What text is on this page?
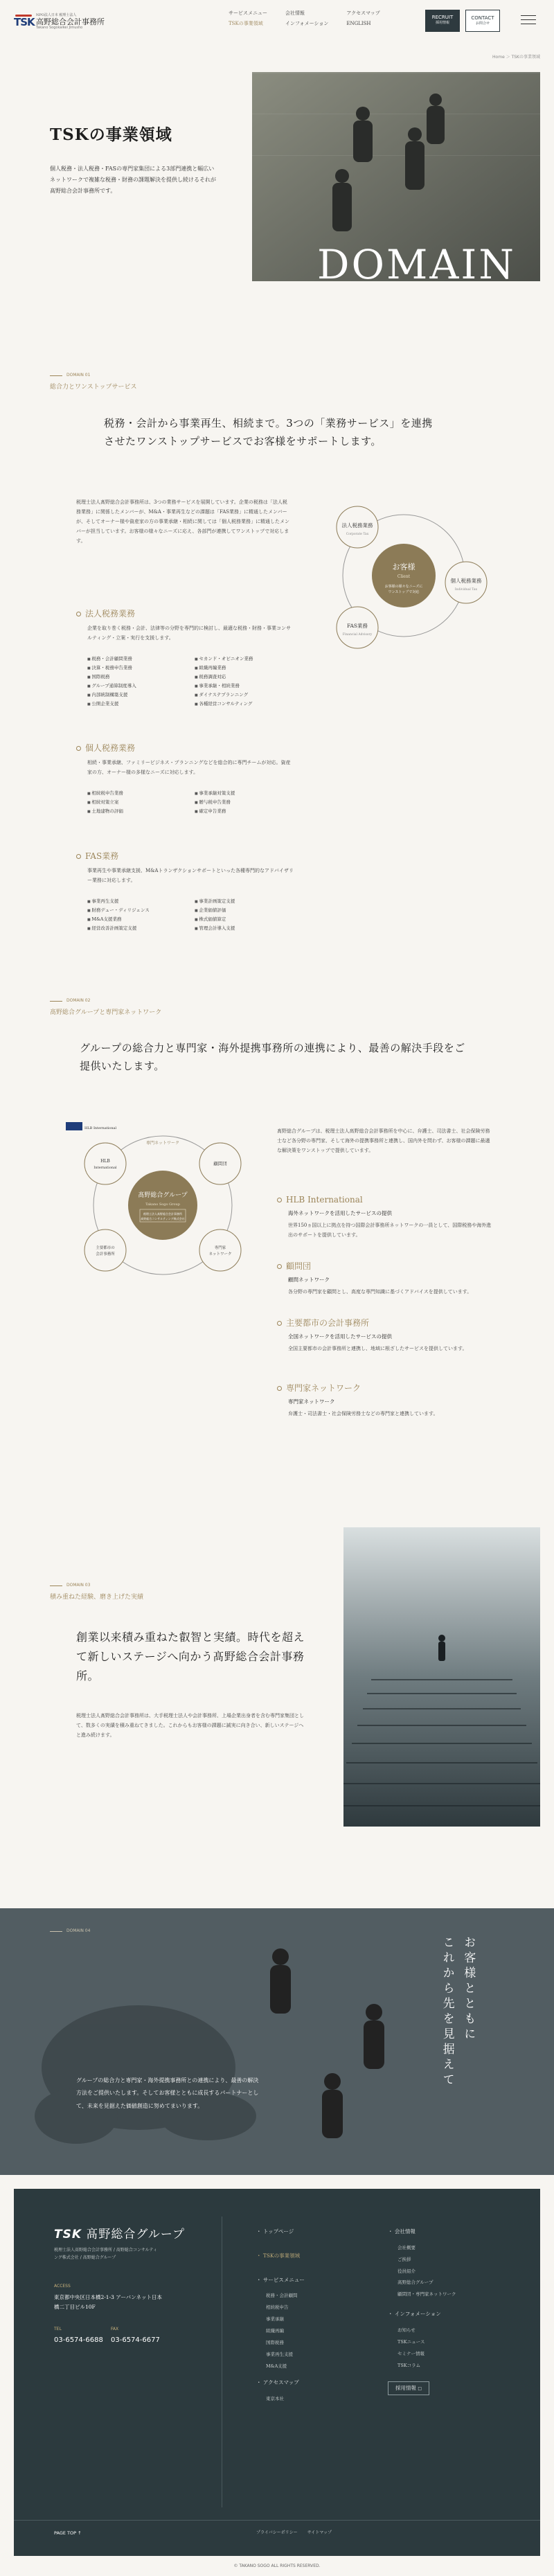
TSK
NPO法人日本 税理士法人
高野総合会計事務所
Takano Sogokaikei Jimusho
サービスメニュー
TSKの事業領域
会社情報
インフォメーション
アクセスマップ
ENGLISH
RECRUIT
採用情報
CONTACT
お問合せ
Home ＞ TSKの事業領域
TSKの事業領域

個人税務・法人税務・FASの専門家集団による3部門連携と幅広いネットワークで複雑な税務・財務の課題解決を提供し続けるそれが髙野総合会計事務所です。

DOMAIN
DOMAIN 01
総合力とワンストップサービス

税務・会計から事業再生、相続まで。3つの「業務サービス」を連携させたワンストップサービスでお客様をサポートします。

税理士法人髙野総合会計事務所は、3つの業務サービスを展開しています。企業の税務は「法人税務業務」に関係したメンバーが、M&A・事業再生などの課題は「FAS業務」に精通したメンバーが、そしてオーナー様や資産家の方の事業承継・相続に関しては「個人税務業務」に精通したメンバーが担当しています。お客様の様々なニーズに応え、各部門が連携してワンストップで対応します。

お客様
Client
お客様の様々なニーズに
ワンストップで対応
法人税務業務
Corporate Tax
個人税務業務
Individual Tax
FAS業務
Financial Advisory
法人税務業務

企業を取り巻く税務・会計、法律等の分野を専門的に検討し、最適な税務・財務・事業コンサルティング・立案・実行を支援します。

■ 税務・会計顧問業務	■ セカンド・オピニオン業務
■ 決算・税務申告業務	■ 組織再編業務
■ 国際税務	■ 税務調査対応
■ グループ通算制度導入	■ 事業承継・相続業務
■ 内部統制構築支援	■ ダイナステプランニング
■ 公開企業支援	■ 各種経営コンサルティング
個人税務業務

相続・事業承継、ファミリービジネス・プランニングなどを総合的に専門チームが対応。資産家の方、オーナー様の多様なニーズに対応します。

■ 相続税申告業務	■ 事業承継対策支援
■ 相続対策立案	■ 贈与税申告業務
■ 土地建物の評価	■ 確定申告業務
FAS業務

事業再生や事業承継支援、M&Aトランザクションサポートといった各種専門的なアドバイザリー業務に対応します。

■ 事業再生支援	■ 事業計画策定支援
■ 財務デュー・ディリジェンス	■ 企業価値評価
■ M&A支援業務	■ 株式価値算定
■ 経営改善計画策定支援	■ 管理会計導入支援
DOMAIN 02
髙野総合グループと専門家ネットワーク

グループの総合力と専門家・海外提携事務所の連携により、最善の解決手段をご提供いたします。

HLB International
専門ネットワーク
髙野総合グループ
Takano Sogo Group
税理士法人髙野総合会計事務所
髙野総合コンサルティング株式会社
HLB
International
顧問団
主要都市の
会計事務所
専門家
ネットワーク

髙野総合グループは、税理士法人髙野総合会計事務所を中心に、弁護士、司法書士、社会保険労務士など各分野の専門家、そして海外の提携事務所と連携し、国内外を問わず、お客様の課題に最適な解決策をワンストップで提供しています。

HLB International
海外ネットワークを活用したサービスの提供

世界150ヵ国以上に拠点を持つ国際会計事務所ネットワークの一員として、国際税務や海外進出のサポートを提供しています。

顧問団
顧問ネットワーク

各分野の専門家を顧問とし、高度な専門知識に基づくアドバイスを提供しています。

主要都市の会計事務所
全国ネットワークを活用したサービスの提供

全国主要都市の会計事務所と連携し、地域に根ざしたサービスを提供しています。

専門家ネットワーク
専門家ネットワーク

弁護士・司法書士・社会保険労務士などの専門家と連携しています。

DOMAIN 03
積み重ねた経験、磨き上げた実績

創業以来積み重ねた叡智と実績。時代を超えて新しいステージへ向かう髙野総合会計事務所。

税理士法人髙野総合会計事務所は、大手税理士法人や会計事務所、上場企業出身者を含む専門家集団として、数多くの実績を積み重ねてきました。これからもお客様の課題に誠実に向き合い、新しいステージへと進み続けます。

DOMAIN 04
お客様とともに
これから先を見据えて

グループの総合力と専門家・海外提携事務所との連携により、最善の解決方法をご提供いたします。そしてお客様とともに成長するパートナーとして、未来を見据えた価値創造に努めてまいります。

TSK 髙野総合グループ

税理士法人髙野総合会計事務所 / 髙野総合コンサルティング株式会社 / 髙野総合グループ

ACCESS

東京都中央区日本橋2-1-3 アーバンネット日本橋二丁目ビル10F

TEL
03-6574-6688
FAX
03-6574-6677
・ トップページ
・ TSKの事業領域
・ サービスメニュー
税務・会計顧問
相続税申告
事業承継
組織再編
国際税務
事業再生支援
M&A支援
・ アクセスマップ
東京本社
・ 会社情報
会社概要
ご挨拶
役員紹介
髙野総合グループ
顧問団・専門家ネットワーク
・ インフォメーション
お知らせ
TSKニュース
セミナー情報
TSKコラム
採用情報 □
PAGE TOP ↑	プライバシーポリシー サイトマップ
© TAKANO SOGO ALL RIGHTS RESERVED.
